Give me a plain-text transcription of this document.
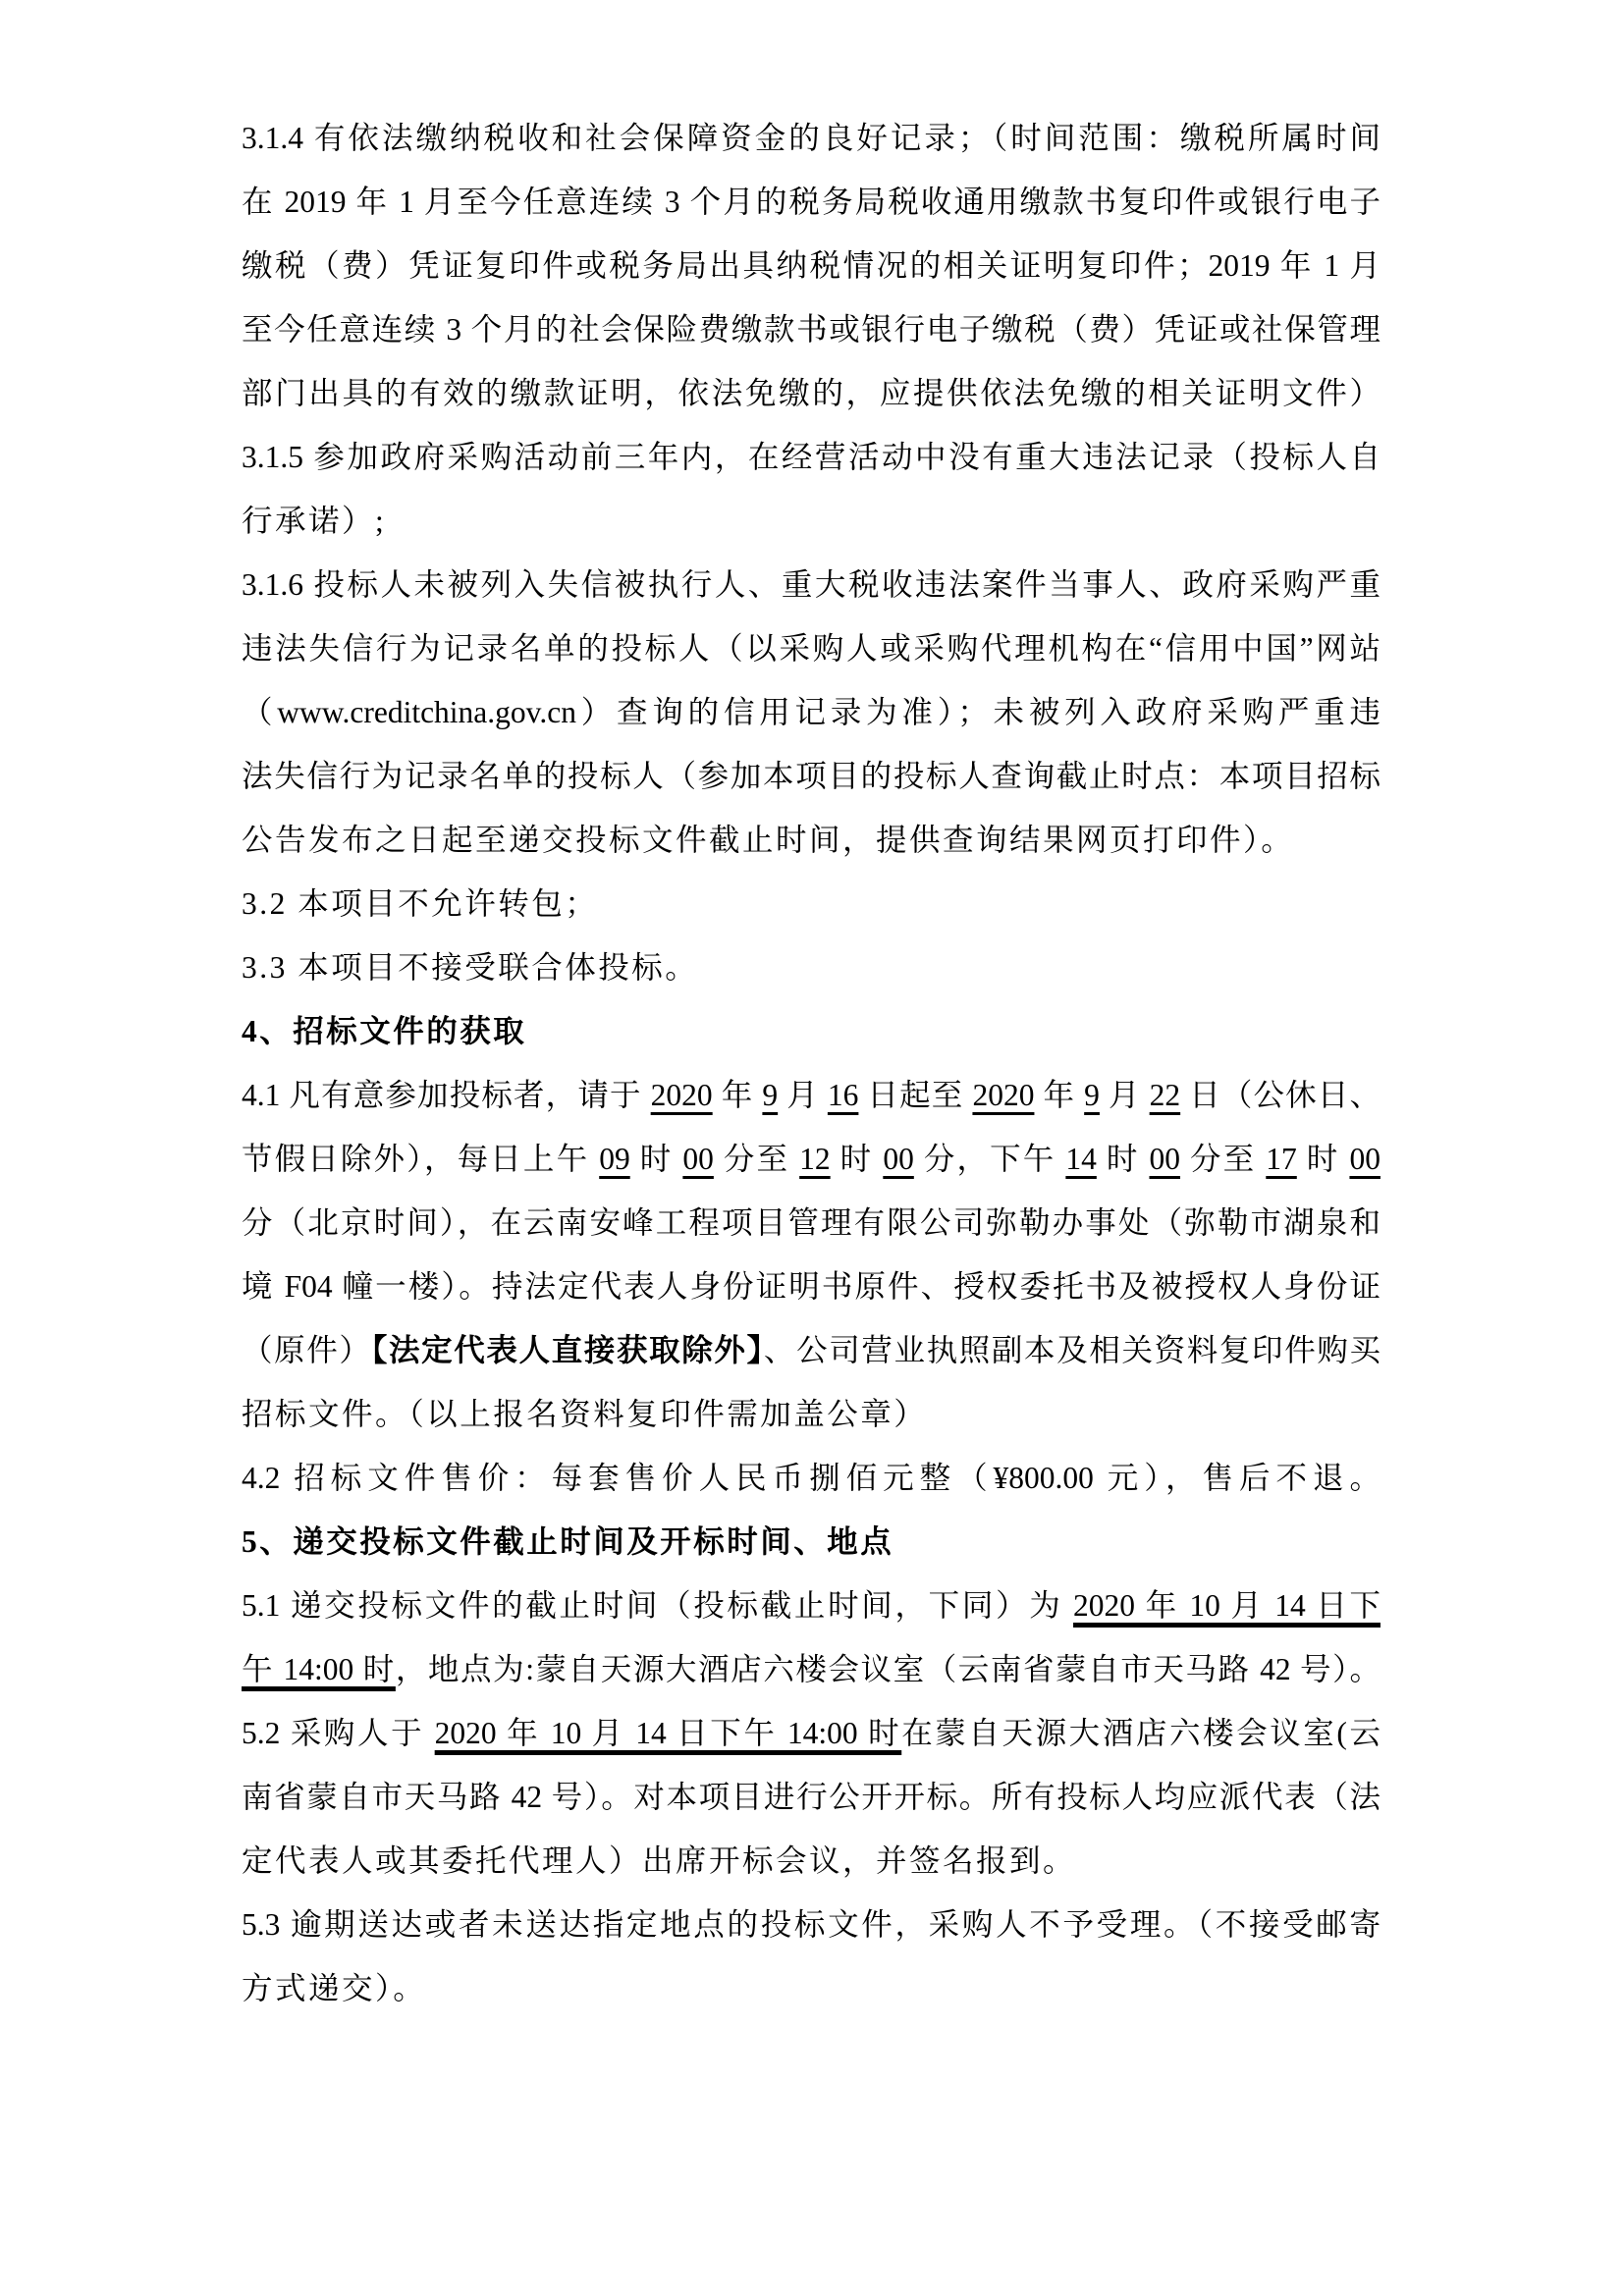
3.1.4 有依法缴纳税收和社会保障资金的良好记录；（时间范围：缴税所属时间
在 2019 年 1 月至今任意连续 3 个月的税务局税收通用缴款书复印件或银行电子
缴税（费）凭证复印件或税务局出具纳税情况的相关证明复印件；2019 年 1 月
至今任意连续 3 个月的社会保险费缴款书或银行电子缴税（费）凭证或社保管理
部门出具的有效的缴款证明，依法免缴的，应提供依法免缴的相关证明文件）
3.1.5 参加政府采购活动前三年内，在经营活动中没有重大违法记录（投标人自
行承诺）;
3.1.6 投标人未被列入失信被执行人、重大税收违法案件当事人、政府采购严重
违法失信行为记录名单的投标人（以采购人或采购代理机构在“信用中国”网站
（www.creditchina.gov.cn）查询的信用记录为准）；未被列入政府采购严重违
法失信行为记录名单的投标人（参加本项目的投标人查询截止时点：本项目招标
公告发布之日起至递交投标文件截止时间，提供查询结果网页打印件）。
3.2 本项目不允许转包；
3.3 本项目不接受联合体投标。
4、招标文件的获取
4.1 凡有意参加投标者，请于 2020 年 9 月 16 日起至 2020 年 9 月 22 日（公休日、
节假日除外），每日上午 09 时 00 分至 12 时 00 分，下午 14 时 00 分至 17 时 00
分（北京时间），在云南安峰工程项目管理有限公司弥勒办事处（弥勒市湖泉和
境 F04 幢一楼）。持法定代表人身份证明书原件、授权委托书及被授权人身份证
（原件）【法定代表人直接获取除外】、公司营业执照副本及相关资料复印件购买
招标文件。（以上报名资料复印件需加盖公章）
4.2 招标文件售价：每套售价人民币捌佰元整（¥800.00 元），售后不退。
5、递交投标文件截止时间及开标时间、地点
5.1 递交投标文件的截止时间（投标截止时间，下同）为 2020 年 10 月 14 日下
午 14:00 时，地点为:蒙自天源大酒店六楼会议室（云南省蒙自市天马路 42 号）。
5.2 采购人于 2020 年 10 月 14 日下午 14:00 时在蒙自天源大酒店六楼会议室(云
南省蒙自市天马路 42 号）。对本项目进行公开开标。所有投标人均应派代表（法
定代表人或其委托代理人）出席开标会议，并签名报到。
5.3 逾期送达或者未送达指定地点的投标文件，采购人不予受理。（不接受邮寄
方式递交）。
